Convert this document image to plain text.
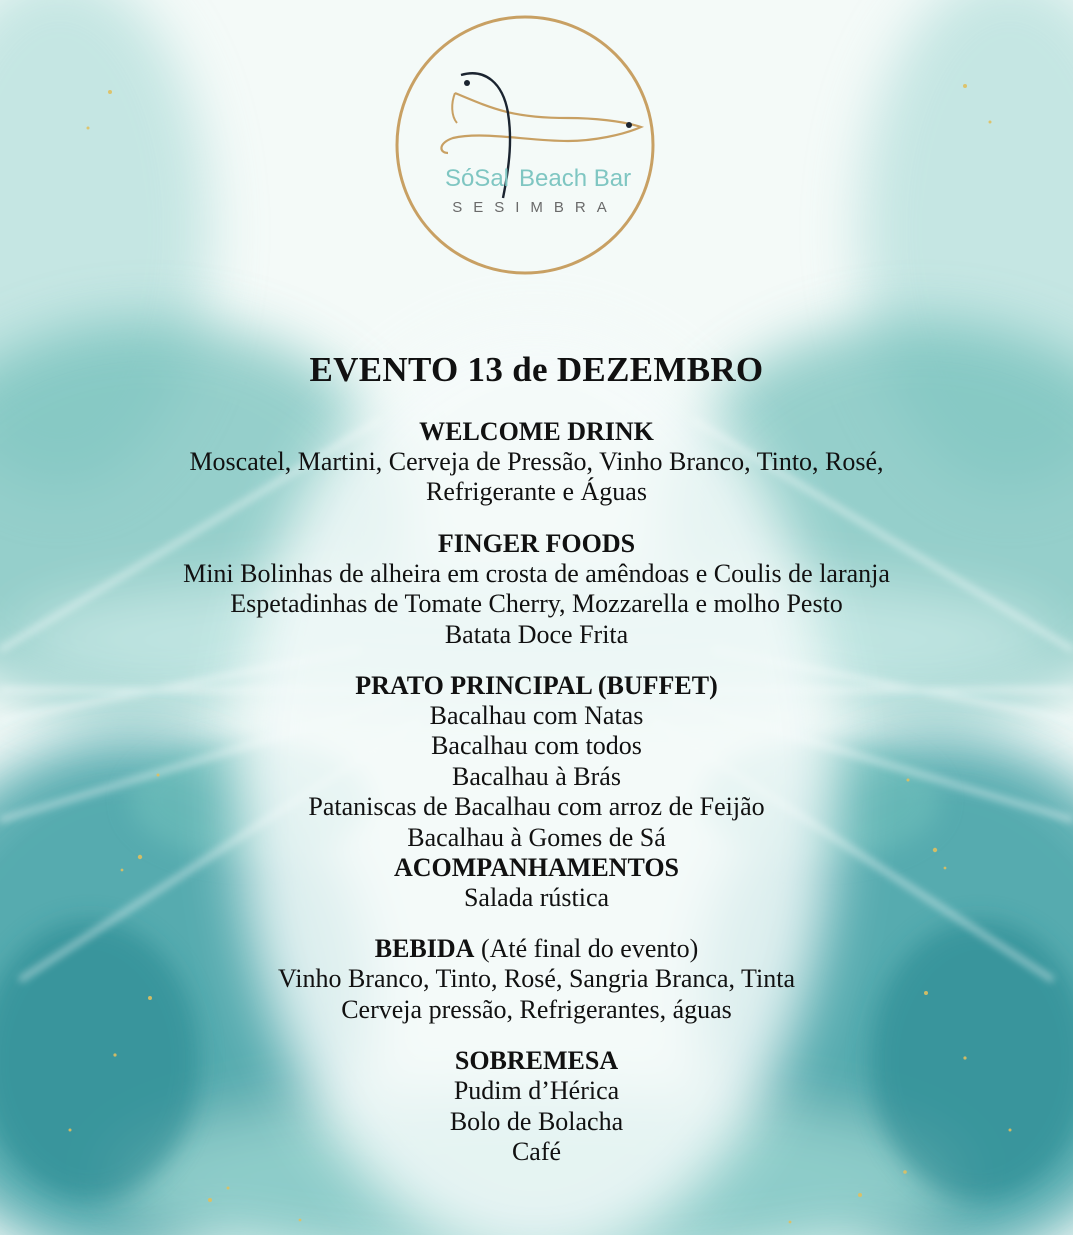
SóSal Beach Bar
SESIMBRA
EVENTO 13 de DEZEMBRO

WELCOME DRINK

Moscatel, Martini, Cerveja de Pressão, Vinho Branco, Tinto, Rosé,

Refrigerante e Águas

FINGER FOODS

Mini Bolinhas de alheira em crosta de amêndoas e Coulis de laranja

Espetadinhas de Tomate Cherry, Mozzarella e molho Pesto

Batata Doce Frita

PRATO PRINCIPAL (BUFFET)

Bacalhau com Natas

Bacalhau com todos

Bacalhau à Brás

Pataniscas de Bacalhau com arroz de Feijão

Bacalhau à Gomes de Sá

ACOMPANHAMENTOS

Salada rústica

BEBIDA (Até final do evento)

Vinho Branco, Tinto, Rosé, Sangria Branca, Tinta

Cerveja pressão, Refrigerantes, águas

SOBREMESA

Pudim d’Hérica

Bolo de Bolacha

Café
